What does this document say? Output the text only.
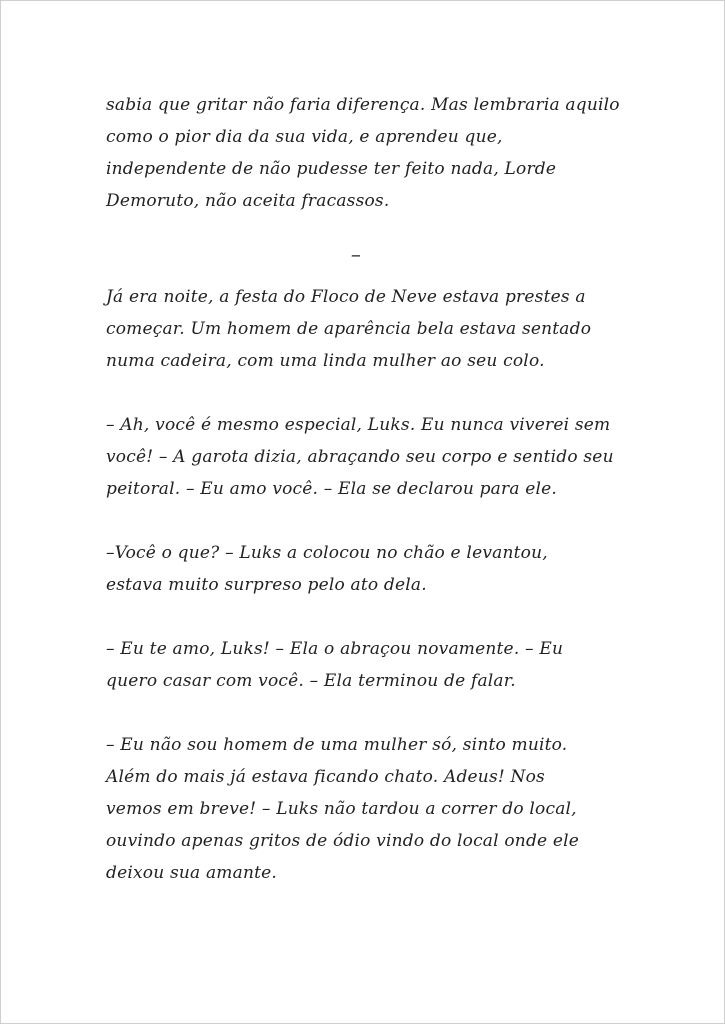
sabia que gritar não faria diferença. Mas lembraria aquilo
como o pior dia da sua vida, e aprendeu que,
independente de não pudesse ter feito nada, Lorde
Demoruto, não aceita fracassos.

–

Já era noite, a festa do Floco de Neve estava prestes a
começar. Um homem de aparência bela estava sentado
numa cadeira, com uma linda mulher ao seu colo.

– Ah, você é mesmo especial, Luks. Eu nunca viverei sem
você! – A garota dizia, abraçando seu corpo e sentido seu
peitoral. – Eu amo você. – Ela se declarou para ele.

–Você o que? – Luks a colocou no chão e levantou,
estava muito surpreso pelo ato dela.

– Eu te amo, Luks! – Ela o abraçou novamente. – Eu
quero casar com você. – Ela terminou de falar.

– Eu não sou homem de uma mulher só, sinto muito.
Além do mais já estava ficando chato. Adeus! Nos
vemos em breve! – Luks não tardou a correr do local,
ouvindo apenas gritos de ódio vindo do local onde ele
deixou sua amante.
